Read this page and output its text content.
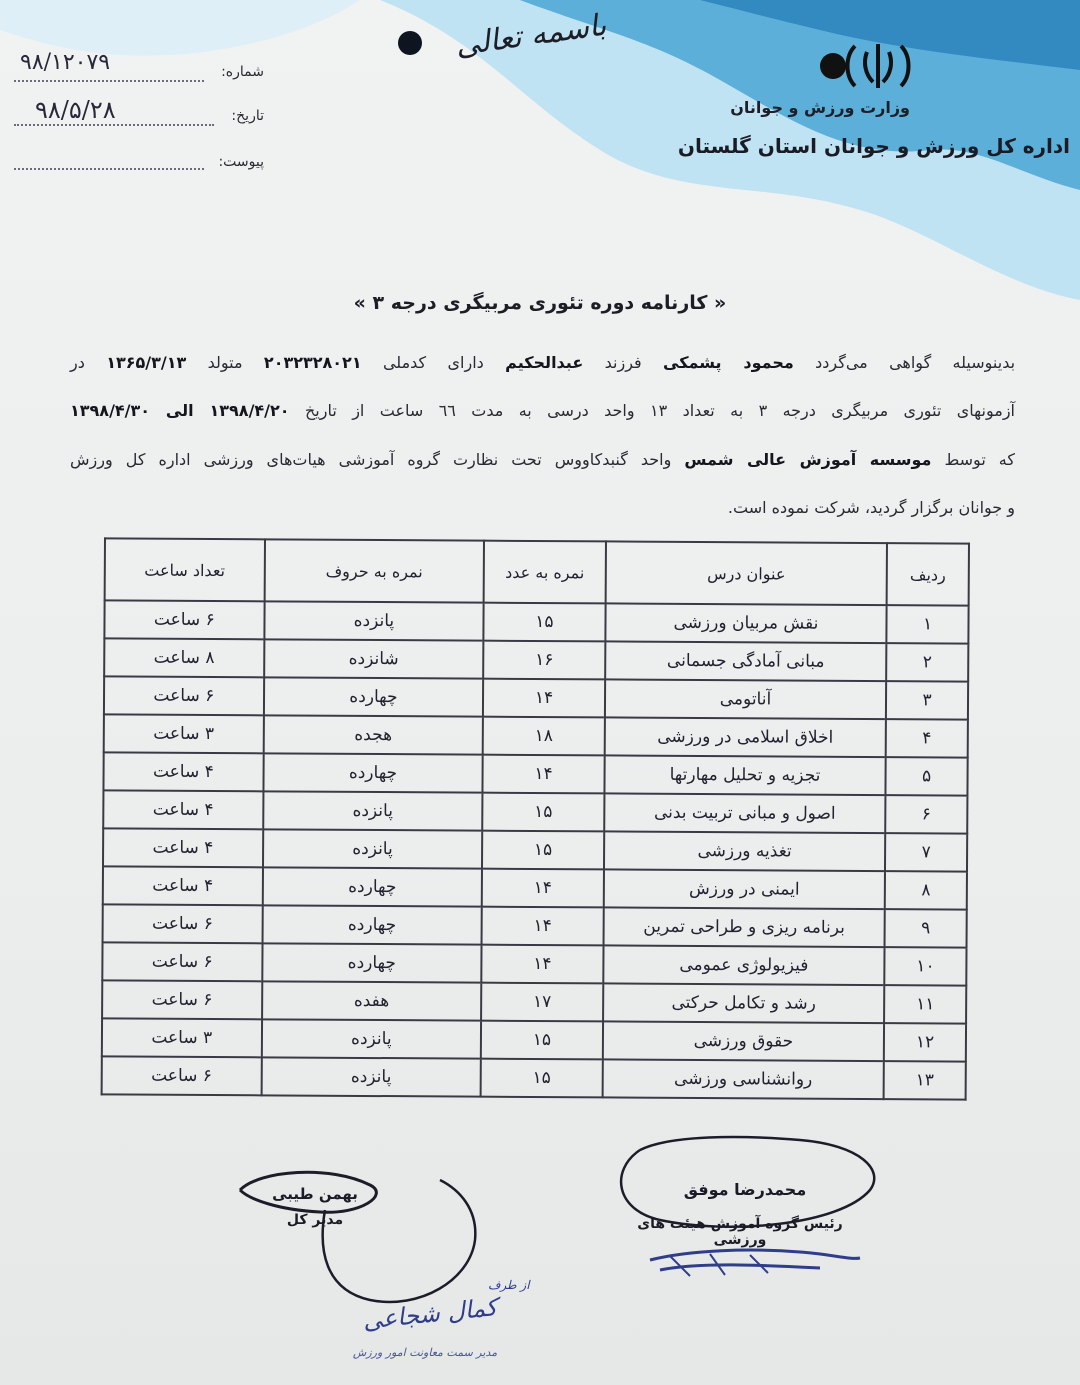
باسمه تعالی
وزارت ورزش و جوانان
اداره کل ورزش و جوانان استان گلستان
شماره:
۹۸/۱۲۰۷۹
تاریخ:
۹۸/۵/۲۸
پیوست:
« کارنامه دوره تئوری مربیگری درجه ۳ »
بدینوسیله گواهی می‌گردد محمود پشمکی فرزند عبدالحکیم دارای کدملی ۲۰۳۲۳۲۸۰۲۱ متولد ۱۳۶۵/۳/۱۳ در
آزمونهای تئوری مربیگری درجه ۳ به تعداد ۱۳ واحد درسی به مدت ٦٦ ساعت از تاریخ ۱۳۹۸/۴/۲۰ الی ۱۳۹۸/۴/۳۰
که توسط موسسه آموزش عالی شمس واحد گنبدکاووس تحت نظارت گروه آموزشی هیات‌های ورزشی اداره کل ورزش
و جوانان برگزار گردید، شرکت نموده است.
ردیف	عنوان درس	نمره به عدد	نمره به حروف	تعداد ساعت
۱	نقش مربیان ورزشی	۱۵	پانزده	۶ ساعت
۲	مبانی آمادگی جسمانی	۱۶	شانزده	۸ ساعت
۳	آناتومی	۱۴	چهارده	۶ ساعت
۴	اخلاق اسلامی در ورزشی	۱۸	هجده	۳ ساعت
۵	تجزیه و تحلیل مهارتها	۱۴	چهارده	۴ ساعت
۶	اصول و مبانی تربیت بدنی	۱۵	پانزده	۴ ساعت
۷	تغذیه ورزشی	۱۵	پانزده	۴ ساعت
۸	ایمنی در ورزش	۱۴	چهارده	۴ ساعت
۹	برنامه ریزی و طراحی تمرین	۱۴	چهارده	۶ ساعت
۱۰	فیزیولوژی عمومی	۱۴	چهارده	۶ ساعت
۱۱	رشد و تکامل حرکتی	۱۷	هفده	۶ ساعت
۱۲	حقوق ورزشی	۱۵	پانزده	۳ ساعت
۱۳	روانشناسی ورزشی	۱۵	پانزده	۶ ساعت
محمدرضا موفق
رئیس گروه آموزش هیئت های ورزشی
بهمن طیبی
مدیر کل
از طرف
کمال شجاعی
مدیر سمت معاونت امور ورزش
